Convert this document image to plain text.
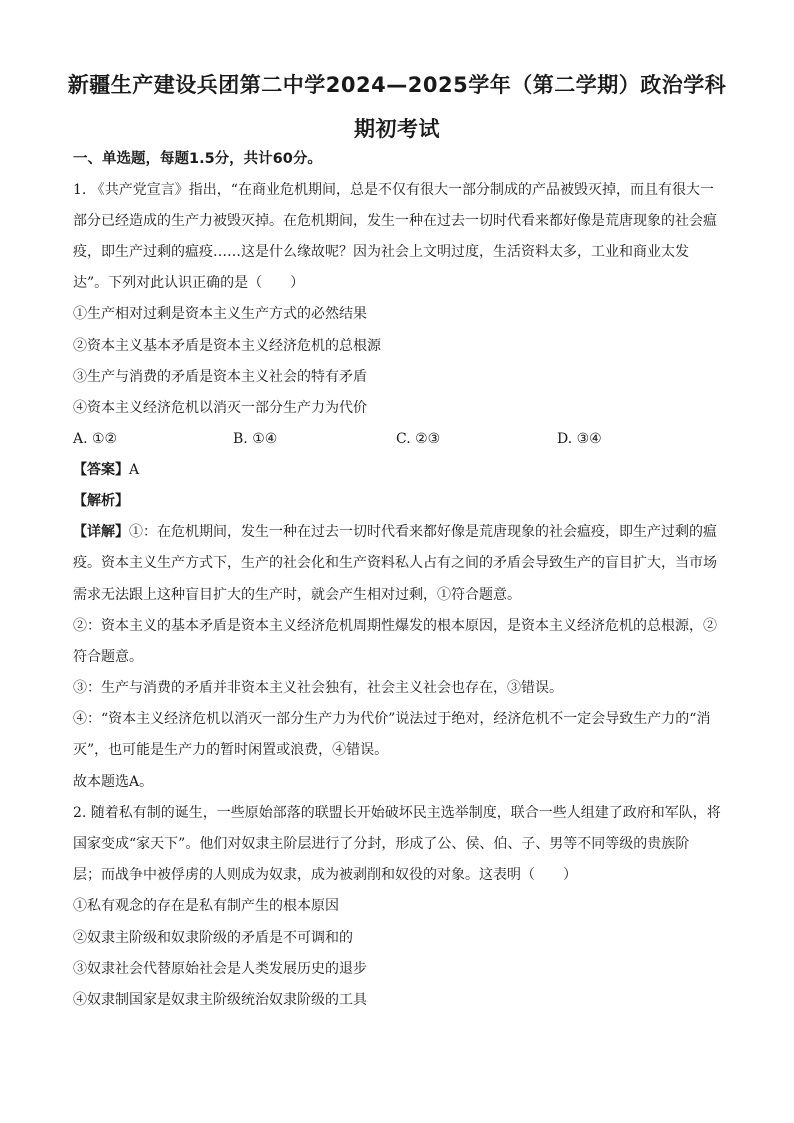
新疆生产建设兵团第二中学2024—2025学年（第二学期）政治学科
期初考试
一、单选题，每题1.5分，共计60分。
1. 《共产党宣言》指出，“在商业危机期间，总是不仅有很大一部分制成的产品被毁灭掉，而且有很大一
部分已经造成的生产力被毁灭掉。在危机期间，发生一种在过去一切时代看来都好像是荒唐现象的社会瘟
疫，即生产过剩的瘟疫……这是什么缘故呢？因为社会上文明过度，生活资料太多，工业和商业太发
达”。下列对此认识正确的是（　　）
①生产相对过剩是资本主义生产方式的必然结果
②资本主义基本矛盾是资本主义经济危机的总根源
③生产与消费的矛盾是资本主义社会的特有矛盾
④资本主义经济危机以消灭一部分生产力为代价
A. ①②	B. ①④	C. ②③	D. ③④
【答案】A
【解析】
【详解】①：在危机期间，发生一种在过去一切时代看来都好像是荒唐现象的社会瘟疫，即生产过剩的瘟
疫。资本主义生产方式下，生产的社会化和生产资料私人占有之间的矛盾会导致生产的盲目扩大，当市场
需求无法跟上这种盲目扩大的生产时，就会产生相对过剩，①符合题意。
②：资本主义的基本矛盾是资本主义经济危机周期性爆发的根本原因，是资本主义经济危机的总根源，②
符合题意。
③：生产与消费的矛盾并非资本主义社会独有，社会主义社会也存在，③错误。
④：“资本主义经济危机以消灭一部分生产力为代价”说法过于绝对，经济危机不一定会导致生产力的“消
灭”，也可能是生产力的暂时闲置或浪费，④错误。
故本题选A。
2. 随着私有制的诞生，一些原始部落的联盟长开始破坏民主选举制度，联合一些人组建了政府和军队，将
国家变成“家天下”。他们对奴隶主阶层进行了分封，形成了公、侯、伯、子、男等不同等级的贵族阶
层；而战争中被俘虏的人则成为奴隶，成为被剥削和奴役的对象。这表明（　　）
①私有观念的存在是私有制产生的根本原因
②奴隶主阶级和奴隶阶级的矛盾是不可调和的
③奴隶社会代替原始社会是人类发展历史的退步
④奴隶制国家是奴隶主阶级统治奴隶阶级的工具
